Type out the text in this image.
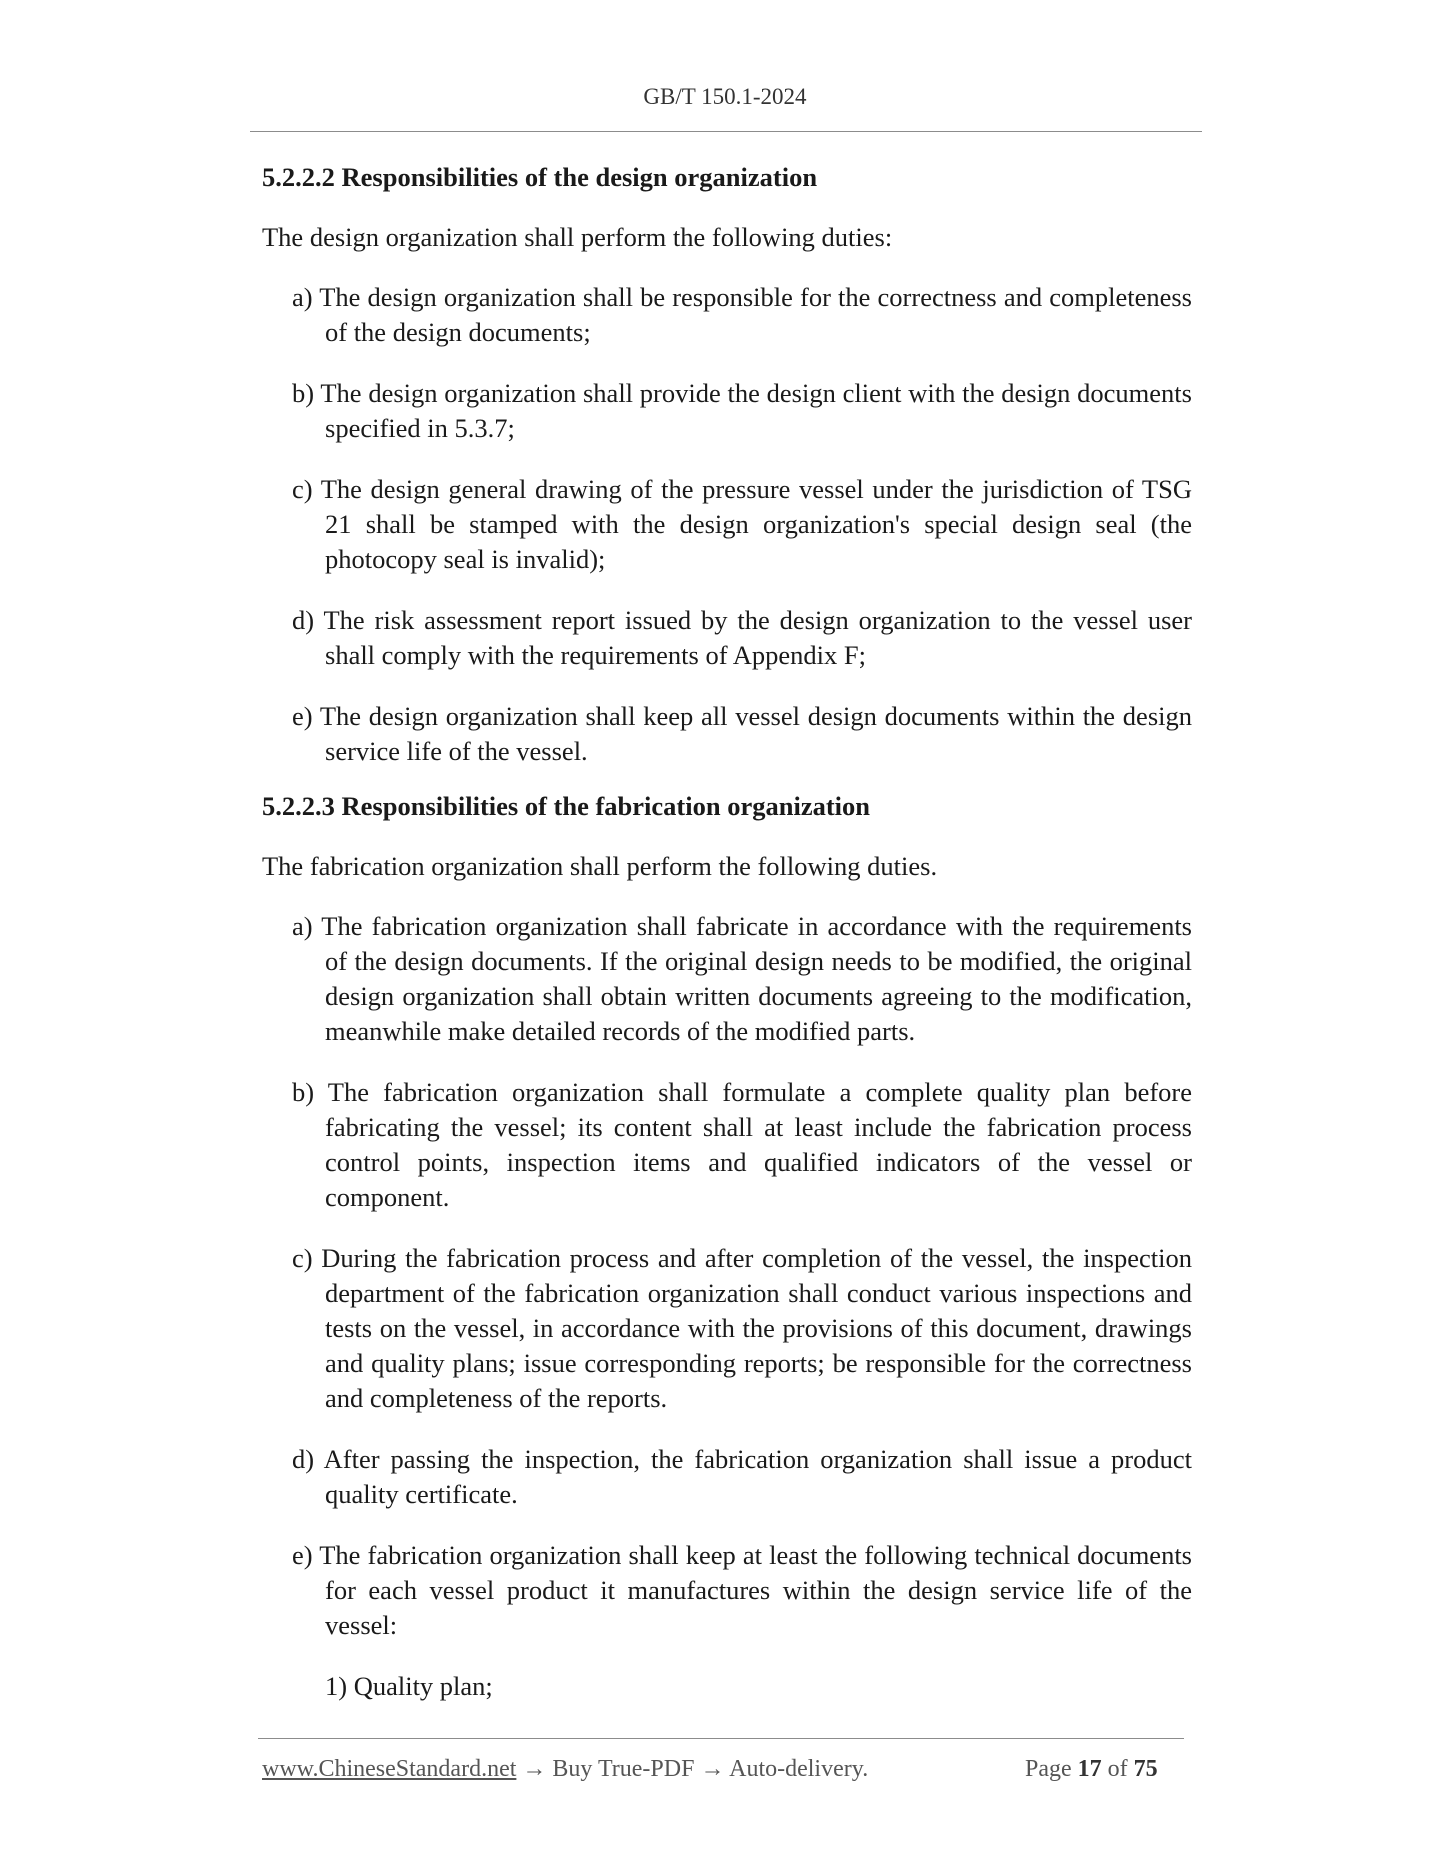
GB/T 150.1-2024
5.2.2.2 Responsibilities of the design organization
The design organization shall perform the following duties:
a) The design organization shall be responsible for the correctness and completeness of the design documents;
b) The design organization shall provide the design client with the design documents specified in 5.3.7;
c) The design general drawing of the pressure vessel under the jurisdiction of TSG 21 shall be stamped with the design organization's special design seal (the photocopy seal is invalid);
d) The risk assessment report issued by the design organization to the vessel user shall comply with the requirements of Appendix F;
e) The design organization shall keep all vessel design documents within the design service life of the vessel.
5.2.2.3 Responsibilities of the fabrication organization
The fabrication organization shall perform the following duties.
a) The fabrication organization shall fabricate in accordance with the requirements of the design documents. If the original design needs to be modified, the original design organization shall obtain written documents agreeing to the modification, meanwhile make detailed records of the modified parts.
b) The fabrication organization shall formulate a complete quality plan before fabricating the vessel; its content shall at least include the fabrication process control points, inspection items and qualified indicators of the vessel or component.
c) During the fabrication process and after completion of the vessel, the inspection department of the fabrication organization shall conduct various inspections and tests on the vessel, in accordance with the provisions of this document, drawings and quality plans; issue corresponding reports; be responsible for the correctness and completeness of the reports.
d) After passing the inspection, the fabrication organization shall issue a product quality certificate.
e) The fabrication organization shall keep at least the following technical documents for each vessel product it manufactures within the design service life of the vessel:
1) Quality plan;
www.ChineseStandard.net → Buy True-PDF → Auto-delivery.	Page 17 of 75
